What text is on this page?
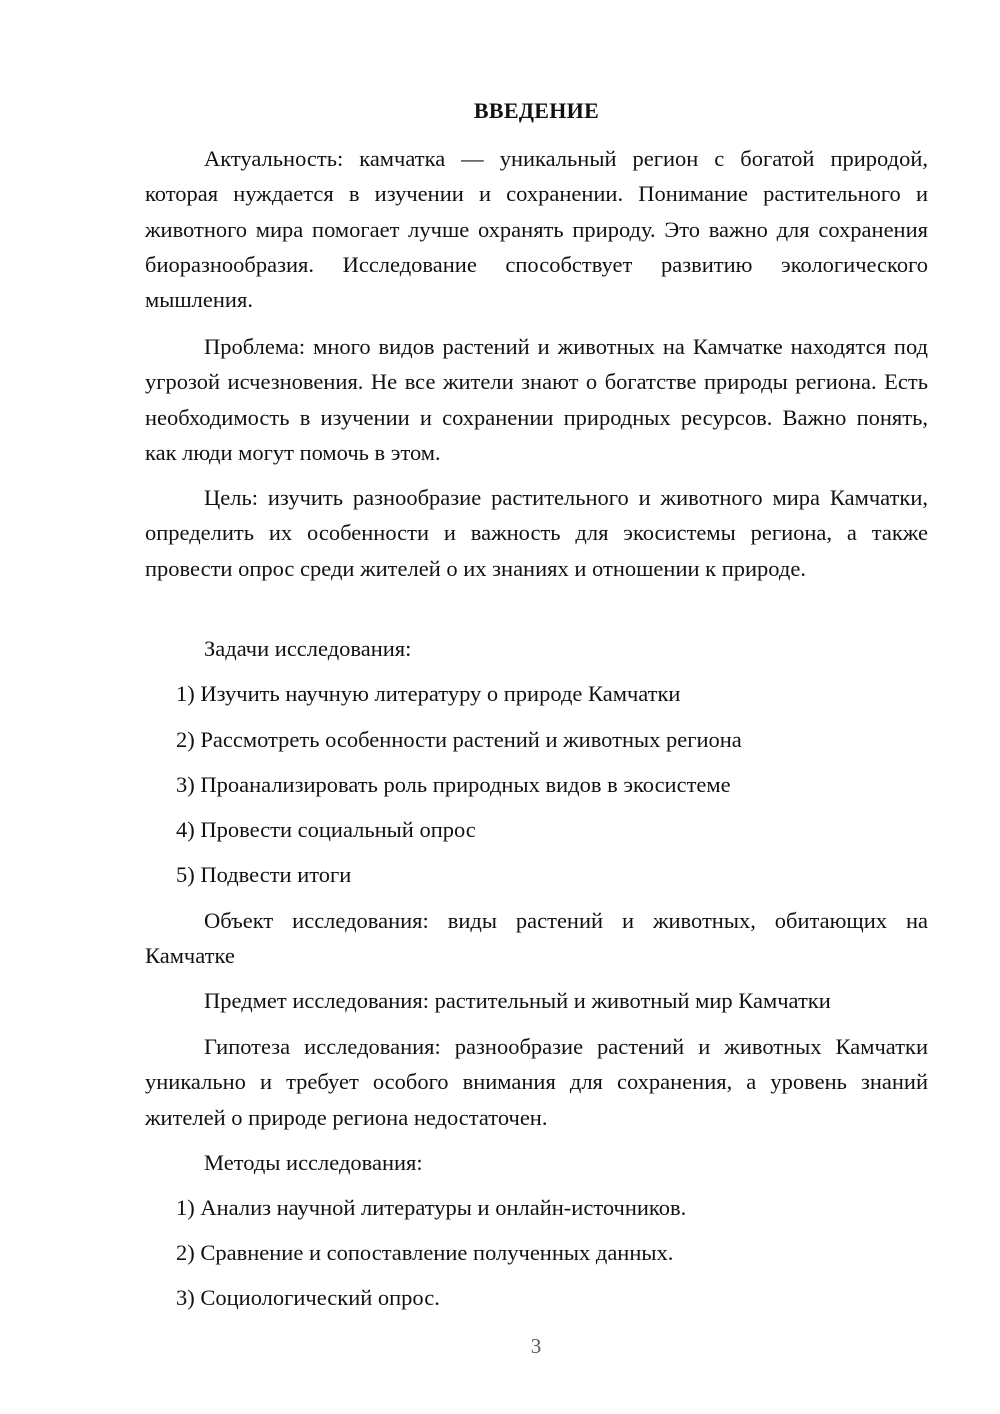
ВВЕДЕНИЕ

Актуальность: камчатка — уникальный регион с богатой природой, которая нуждается в изучении и сохранении. Понимание растительного и животного мира помогает лучше охранять природу. Это важно для сохранения биоразнообразия. Исследование способствует развитию экологического мышления.

Проблема: много видов растений и животных на Камчатке находятся под угрозой исчезновения. Не все жители знают о богатстве природы региона. Есть необходимость в изучении и сохранении природных ресурсов. Важно понять, как люди могут помочь в этом.

Цель: изучить разнообразие растительного и животного мира Камчатки, определить их особенности и важность для экосистемы региона, а также провести опрос среди жителей о их знаниях и отношении к природе.

Задачи исследования:
1) Изучить научную литературу о природе Камчатки
2) Рассмотреть особенности растений и животных региона
3) Проанализировать роль природных видов в экосистеме
4) Провести социальный опрос
5) Подвести итоги

Объект исследования: виды растений и животных, обитающих на Камчатке

Предмет исследования: растительный и животный мир Камчатки

Гипотеза исследования: разнообразие растений и животных Камчатки уникально и требует особого внимания для сохранения, а уровень знаний жителей о природе региона недостаточен.

Методы исследования:
1) Анализ научной литературы и онлайн-источников.
2) Сравнение и сопоставление полученных данных.
3) Социологический опрос.
3
